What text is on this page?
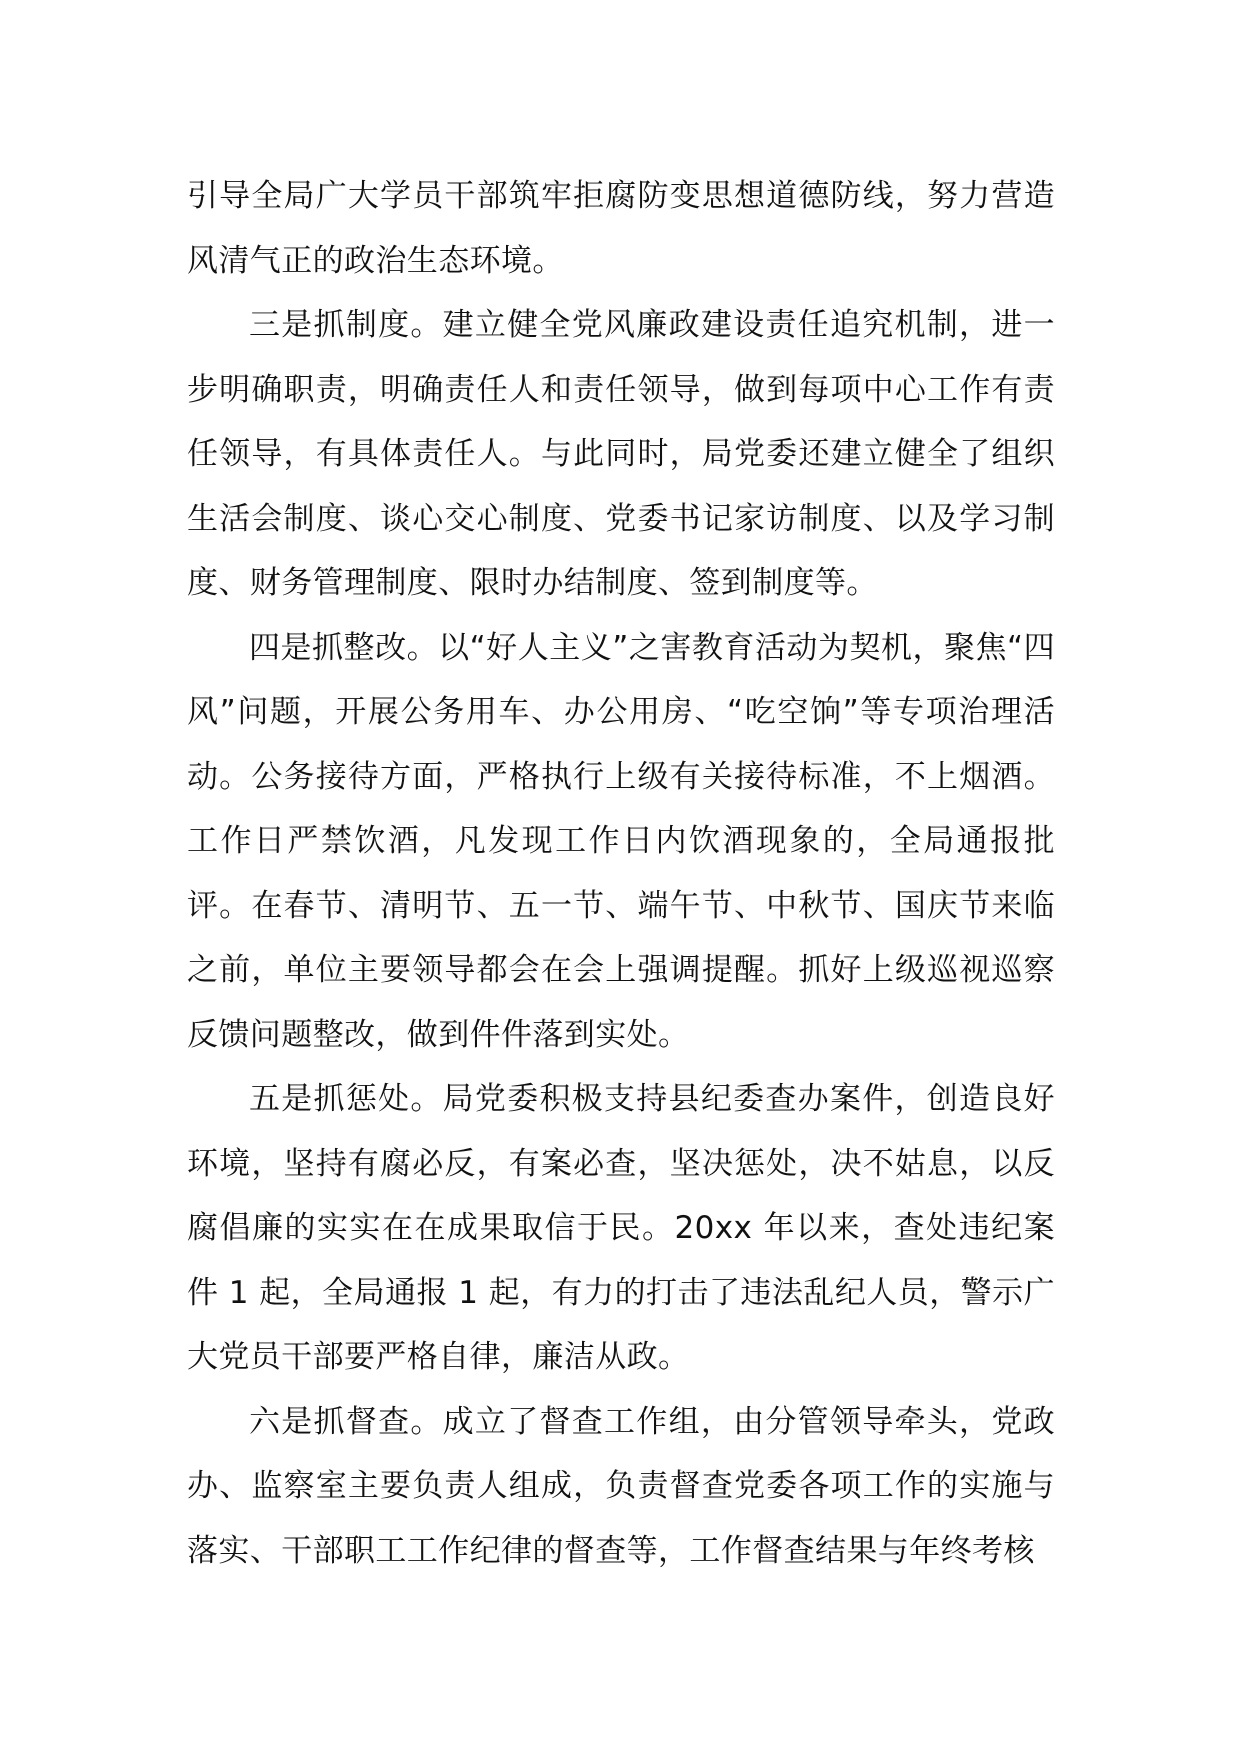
引导全局广大学员干部筑牢拒腐防变思想道德防线，努力营造风清气正的政治生态环境。

三是抓制度。建立健全党风廉政建设责任追究机制，进一步明确职责，明确责任人和责任领导，做到每项中心工作有责任领导，有具体责任人。与此同时，局党委还建立健全了组织生活会制度、谈心交心制度、党委书记家访制度、以及学习制度、财务管理制度、限时办结制度、签到制度等。

四是抓整改。以“好人主义”之害教育活动为契机，聚焦“四风”问题，开展公务用车、办公用房、“吃空饷”等专项治理活动。公务接待方面，严格执行上级有关接待标准，不上烟酒。工作日严禁饮酒，凡发现工作日内饮酒现象的，全局通报批评。在春节、清明节、五一节、端午节、中秋节、国庆节来临之前，单位主要领导都会在会上强调提醒。抓好上级巡视巡察反馈问题整改，做到件件落到实处。

五是抓惩处。局党委积极支持县纪委查办案件，创造良好环境，坚持有腐必反，有案必查，坚决惩处，决不姑息，以反腐倡廉的实实在在成果取信于民。20xx 年以来，查处违纪案件 1 起，全局通报 1 起，有力的打击了违法乱纪人员，警示广大党员干部要严格自律，廉洁从政。

六是抓督查。成立了督查工作组，由分管领导牵头，党政办、监察室主要负责人组成，负责督查党委各项工作的实施与落实、干部职工工作纪律的督查等，工作督查结果与年终考核
